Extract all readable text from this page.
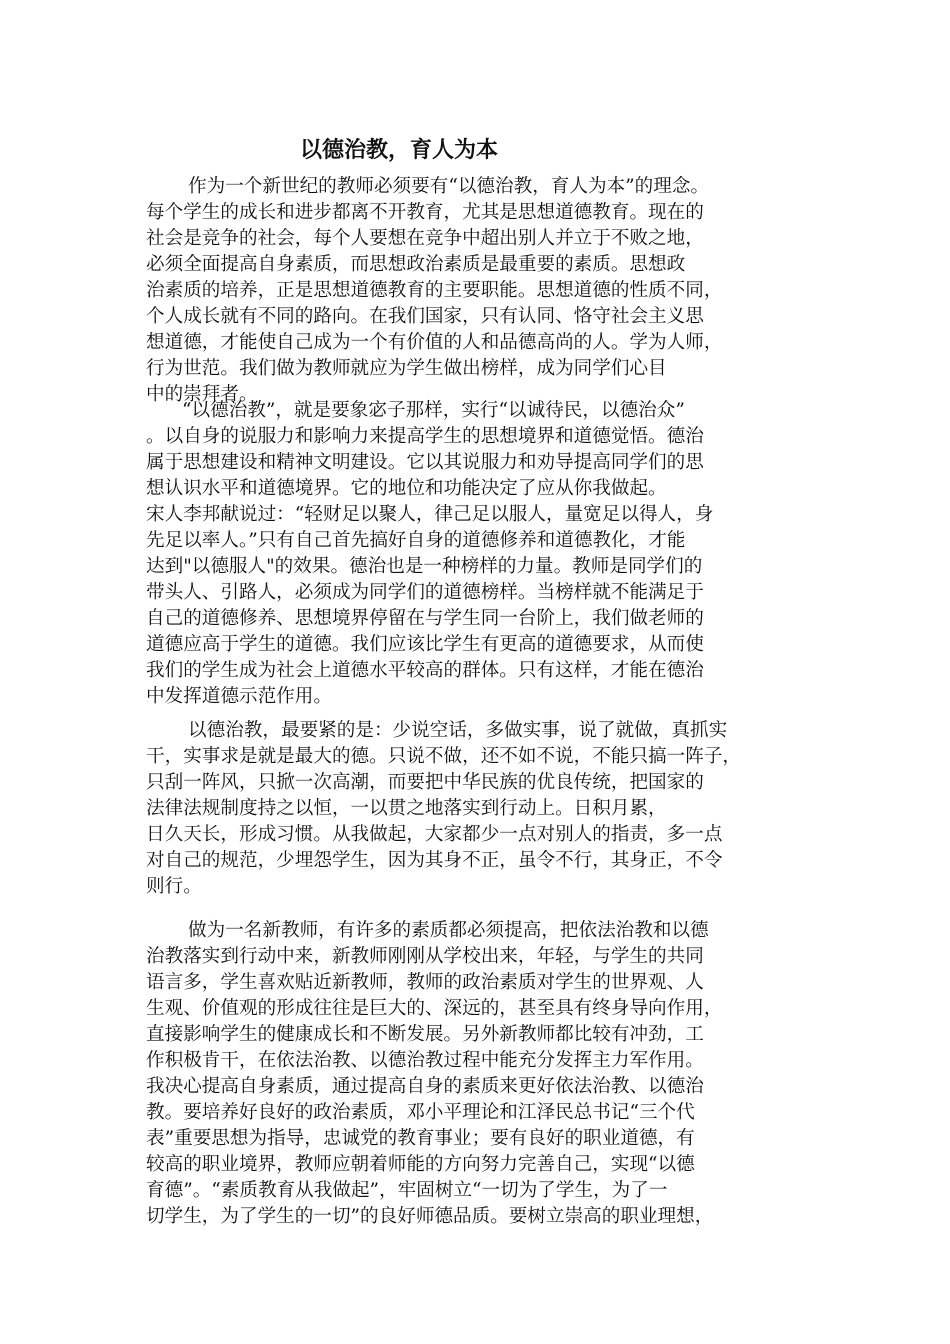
以德治教，育人为本
作为一个新世纪的教师必须要有“以德治教，育人为本”的理念。
每个学生的成长和进步都离不开教育，尤其是思想道德教育。现在的
社会是竞争的社会，每个人要想在竞争中超出别人并立于不败之地，
必须全面提高自身素质，而思想政治素质是最重要的素质。思想政
治素质的培养，正是思想道德教育的主要职能。思想道德的性质不同，
个人成长就有不同的路向。在我们国家，只有认同、恪守社会主义思
想道德，才能使自己成为一个有价值的人和品德高尚的人。学为人师，
行为世范。我们做为教师就应为学生做出榜样，成为同学们心目
中的崇拜者。
“以德治教”，就是要象宓子那样，实行“以诚待民，以德治众”
。以自身的说服力和影响力来提高学生的思想境界和道德觉悟。德治
属于思想建设和精神文明建设。它以其说服力和劝导提高同学们的思
想认识水平和道德境界。它的地位和功能决定了应从你我做起。
宋人李邦献说过：“轻财足以聚人，律己足以服人，量宽足以得人，身
先足以率人。”只有自己首先搞好自身的道德修养和道德教化，才能
达到"以德服人"的效果。德治也是一种榜样的力量。教师是同学们的
带头人、引路人，必须成为同学们的道德榜样。当榜样就不能满足于
自己的道德修养、思想境界停留在与学生同一台阶上，我们做老师的
道德应高于学生的道德。我们应该比学生有更高的道德要求，从而使
我们的学生成为社会上道德水平较高的群体。只有这样，才能在德治
中发挥道德示范作用。
以德治教，最要紧的是：少说空话，多做实事，说了就做，真抓实
干，实事求是就是最大的德。只说不做，还不如不说，不能只搞一阵子，
只刮一阵风，只掀一次高潮，而要把中华民族的优良传统，把国家的
法律法规制度持之以恒，一以贯之地落实到行动上。日积月累，
日久天长，形成习惯。从我做起，大家都少一点对别人的指责，多一点
对自己的规范，少埋怨学生，因为其身不正，虽令不行，其身正，不令
则行。
做为一名新教师，有许多的素质都必须提高，把依法治教和以德
治教落实到行动中来，新教师刚刚从学校出来，年轻，与学生的共同
语言多，学生喜欢贴近新教师，教师的政治素质对学生的世界观、人
生观、价值观的形成往往是巨大的、深远的，甚至具有终身导向作用，
直接影响学生的健康成长和不断发展。另外新教师都比较有冲劲，工
作积极肯干，在依法治教、以德治教过程中能充分发挥主力军作用。
我决心提高自身素质，通过提高自身的素质来更好依法治教、以德治
教。要培养好良好的政治素质，邓小平理论和江泽民总书记“三个代
表”重要思想为指导，忠诚党的教育事业；要有良好的职业道德，有
较高的职业境界，教师应朝着师能的方向努力完善自己，实现“以德
育德”。“素质教育从我做起”，牢固树立“一切为了学生，为了一
切学生，为了学生的一切”的良好师德品质。要树立崇高的职业理想，
